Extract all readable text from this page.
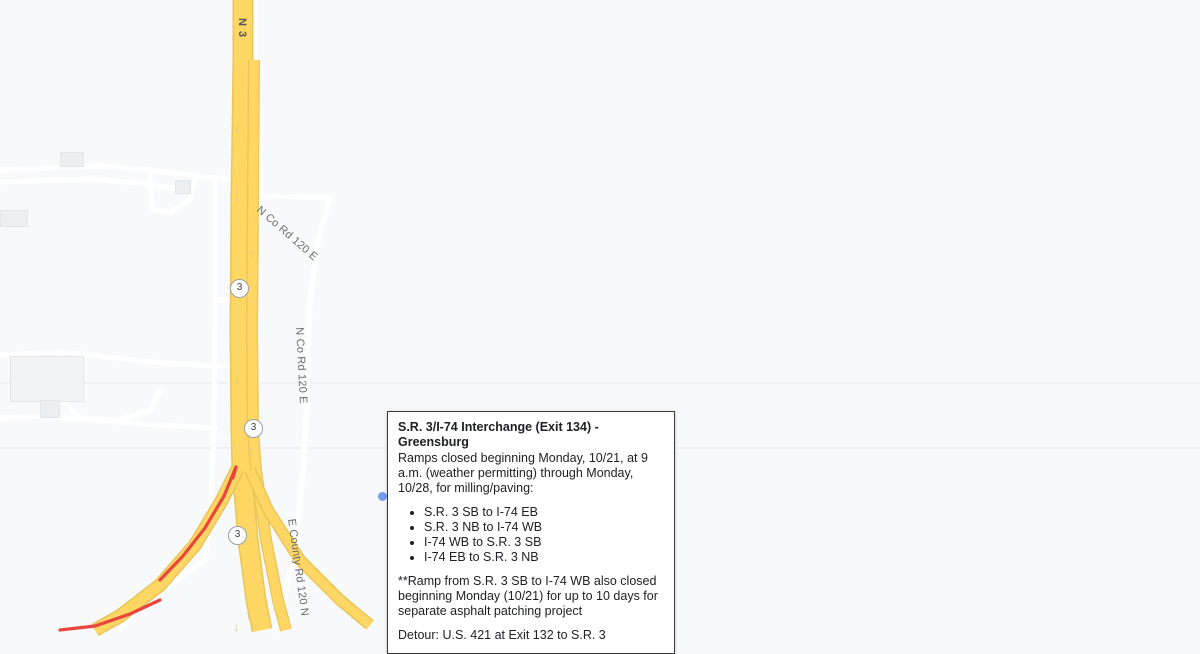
↓
↓
↑
↓
↑
↑
↓
3
3
3
N 3
N Co Rd 120 E
N Co Rd 120 E
E County Rd 120 N
S.R. 3/I-74 Interchange (Exit 134) - Greensburg

Ramps closed beginning Monday, 10/21, at 9 a.m. (weather permitting) through Monday, 10/28, for milling/paving:

• S.R. 3 SB to I-74 EB
• S.R. 3 NB to I-74 WB
• I-74 WB to S.R. 3 SB
• I-74 EB to S.R. 3 NB

**Ramp from S.R. 3 SB to I-74 WB also closed beginning Monday (10/21) for up to 10 days for separate asphalt patching project

Detour: U.S. 421 at Exit 132 to S.R. 3
